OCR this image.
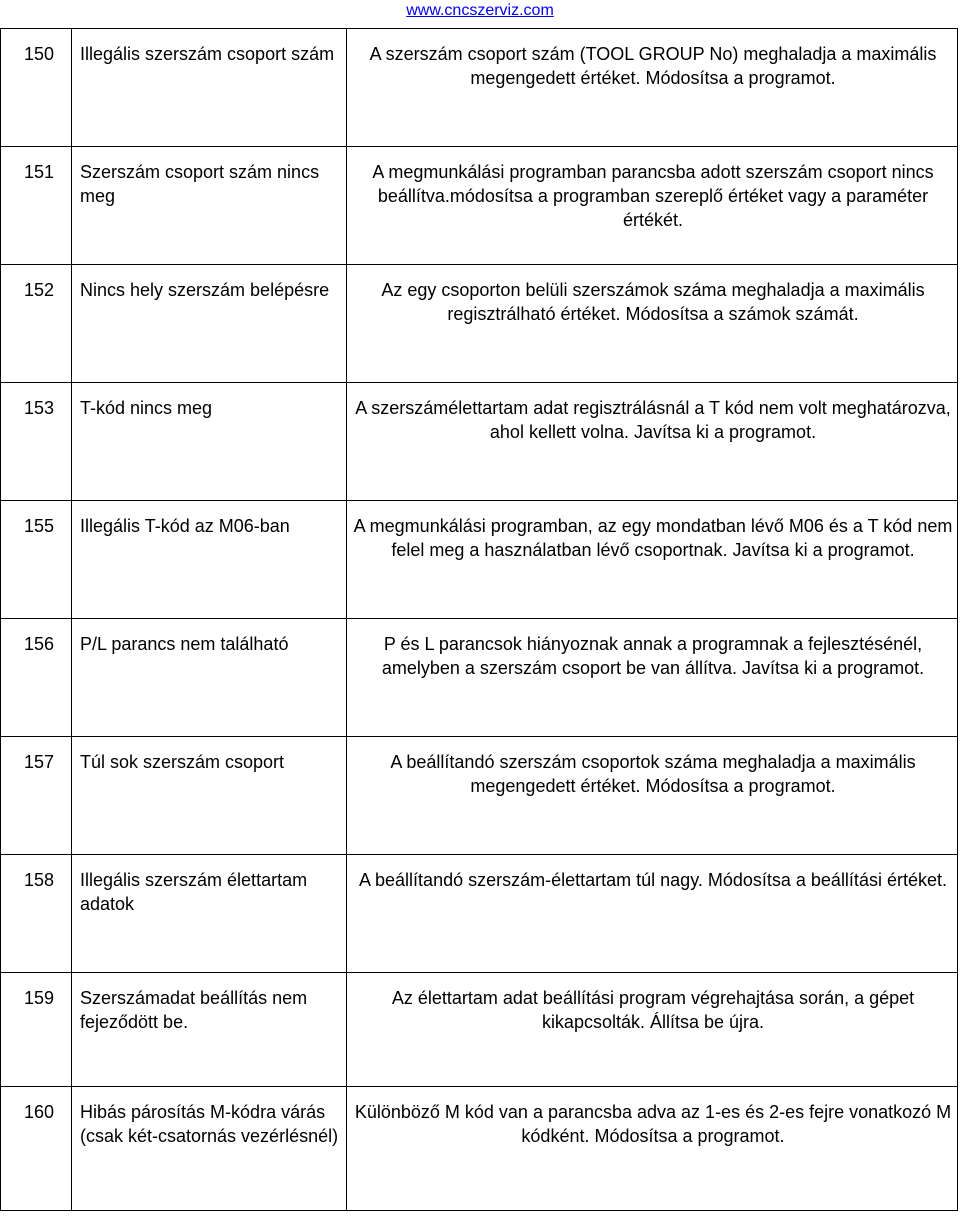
www.cncszerviz.com
150	Illegális szerszám csoport szám	A szerszám csoport szám (TOOL GROUP No) meghaladja a maximális megengedett értéket. Módosítsa a programot.
151	Szerszám csoport szám nincs meg	A megmunkálási programban parancsba adott szerszám csoport nincs beállítva.módosítsa a programban szereplő értéket vagy a paraméter értékét.
152	Nincs hely szerszám belépésre	Az egy csoporton belüli szerszámok száma meghaladja a maximális regisztrálható értéket. Módosítsa a számok számát.
153	T-kód nincs meg	A szerszámélettartam adat regisztrálásnál a T kód nem volt meghatározva, ahol kellett volna. Javítsa ki a programot.
155	Illegális T-kód az M06-ban	A megmunkálási programban, az egy mondatban lévő M06 és a T kód nem felel meg a használatban lévő csoportnak. Javítsa ki a programot.
156	P/L parancs nem található	P és L parancsok hiányoznak annak a programnak a fejlesztésénél, amelyben a szerszám csoport be van állítva. Javítsa ki a programot.
157	Túl sok szerszám csoport	A beállítandó szerszám csoportok száma meghaladja a maximális megengedett értéket. Módosítsa a programot.
158	Illegális szerszám élettartam adatok	A beállítandó szerszám-élettartam túl nagy. Módosítsa a beállítási értéket.
159	Szerszámadat beállítás nem fejeződött be.	Az élettartam adat beállítási program végrehajtása során, a gépet kikapcsolták. Állítsa be újra.
160	Hibás párosítás M-kódra várás (csak két-csatornás vezérlésnél)	Különböző M kód van a parancsba adva az 1-es és 2-es fejre vonatkozó M kódként. Módosítsa a programot.
